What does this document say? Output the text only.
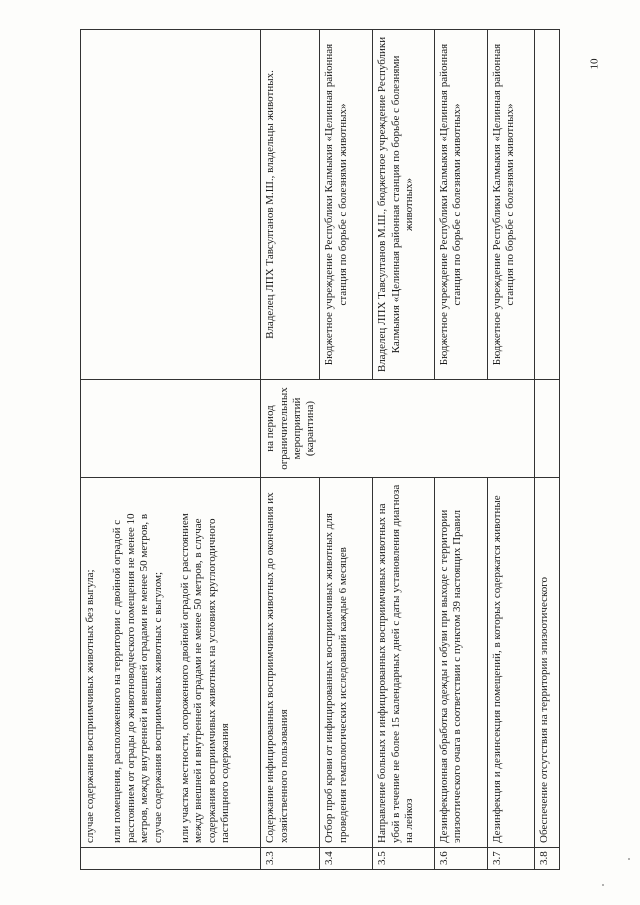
10

	случае содержания восприимчивых животных без выгула; или помещения, расположенного на территории с двойной оградой с расстоянием от ограды до животноводческого помещения не менее 10 метров, между внутренней и внешней оградами не менее 50 метров, в случае содержания восприимчивых животных с выгулом; или участка местности, огороженного двойной оградой с расстоянием между внешней и внутренней оградами не менее 50 метров, в случае содержания восприимчивых животных на условиях круглогодичного пастбищного содержания		

3.3	Содержание инфицированных восприимчивых животных до окончания их хозяйственного пользования	на период ограничительных мероприятий (карантина)	Владелец ЛПХ Тавсултанов М.Ш., владельцы животных.
3.4	Отбор проб крови от инфицированных восприимчивых животных для проведения гематологических исследований каждые 6 месяцев		Бюджетное учреждение Республики Калмыкия «Целинная районная станция по борьбе с болезнями животных»
3.5	Направление больных и инфицированных восприимчивых животных на убой в течение не более 15 календарных дней с даты установления диагноза на лейкоз		Владелец ЛПХ Тавсултанов М.Ш., бюджетное учреждение Республики Калмыкия «Целинная районная станция по борьбе с болезнями животных»
3.6	Дезинфекционная обработка одежды и обуви при выходе с территории эпизоотического очага в соответствии с пунктом 39 настоящих Правил		Бюджетное учреждение Республики Калмыкия «Целинная районная станция по борьбе с болезнями животных»
3.7	Дезинфекция и дезинсекция помещений, в которых содержатся животные		Бюджетное учреждение Республики Калмыкия «Целинная районная станция по борьбе с болезнями животных»
3.8	Обеспечение отсутствия на территории эпизоотического		
